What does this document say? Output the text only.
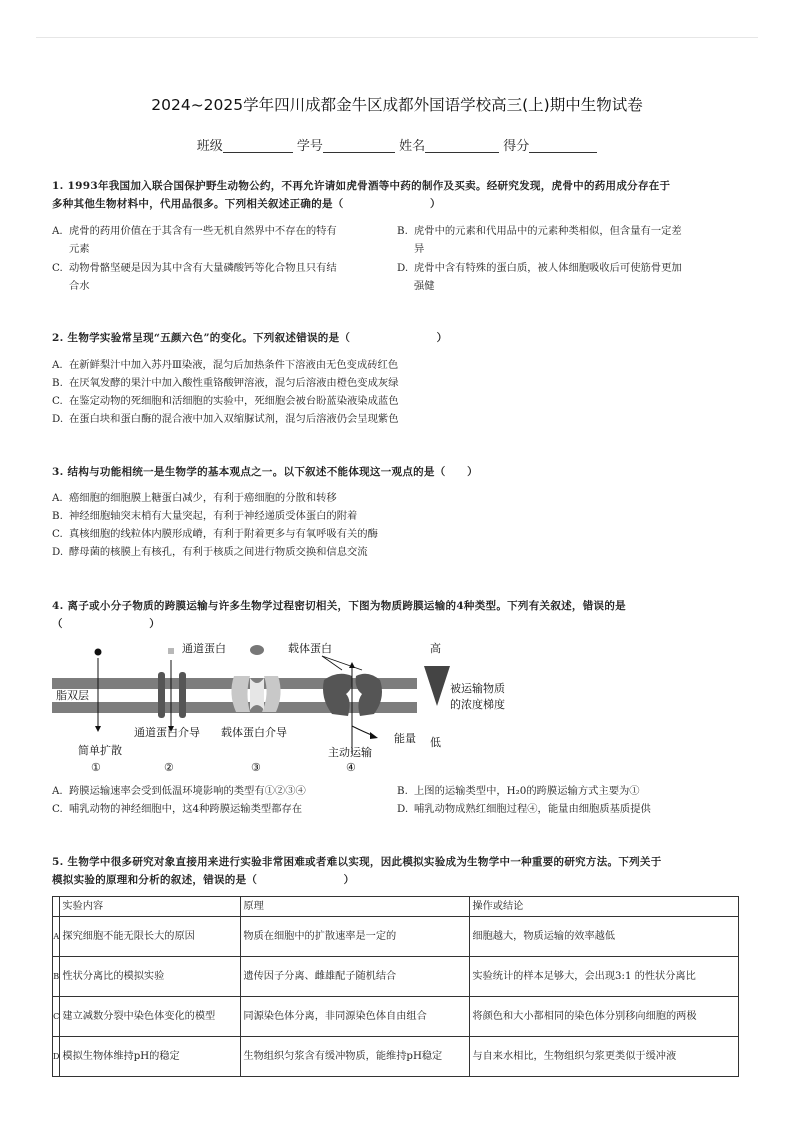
2024~2025学年四川成都金牛区成都外国语学校高三(上)期中生物试卷
班级	学号	姓名	得分
1. 1993年我国加入联合国保护野生动物公约，不再允许请如虎骨酒等中药的制作及买卖。经研究发现，虎骨中的药用成分存在于
多种其他生物材料中，代用品很多。下列相关叙述正确的是（　　　　　　　　）
A. 虎骨的药用价值在于其含有一些无机自然界中不存在的特有
元素
B. 虎骨中的元素和代用品中的元素种类相似，但含量有一定差
异
C. 动物骨骼坚硬是因为其中含有大量磷酸钙等化合物且只有结
合水
D. 虎骨中含有特殊的蛋白质，被人体细胞吸收后可使筋骨更加
强健
2. 生物学实验常呈现“五颜六色”的变化。下列叙述错误的是（　　　　　　　　）
A. 在新鲜梨汁中加入苏丹Ⅲ染液，混匀后加热条件下溶液由无色变成砖红色
B. 在厌氧发酵的果汁中加入酸性重铬酸钾溶液，混匀后溶液由橙色变成灰绿
C. 在鉴定动物的死细胞和活细胞的实验中，死细胞会被台盼蓝染液染成蓝色
D. 在蛋白块和蛋白酶的混合液中加入双缩脲试剂，混匀后溶液仍会呈现紫色
3. 结构与功能相统一是生物学的基本观点之一。以下叙述不能体现这一观点的是（　　）
A. 癌细胞的细胞膜上糖蛋白减少，有利于癌细胞的分散和转移
B. 神经细胞轴突末梢有大量突起，有利于神经递质受体蛋白的附着
C. 真核细胞的线粒体内膜形成嵴，有利于附着更多与有氧呼吸有关的酶
D. 酵母菌的核膜上有核孔，有利于核质之间进行物质交换和信息交流
4. 离子或小分子物质的跨膜运输与许多生物学过程密切相关，下图为物质跨膜运输的4种类型。下列有关叙述，错误的是
（　　　　　　　　）
脂双层
简单扩散
①
通道蛋白
通道蛋白介导
②
载体蛋白介导
③
载体蛋白
能量
主动运输
④
高
被运输物质
的浓度梯度
低
A. 跨膜运输速率会受到低温环境影响的类型有①②③④	B. 上图的运输类型中，H₂0的跨膜运输方式主要为①
C. 哺乳动物的神经细胞中，这4种跨膜运输类型都存在	D. 哺乳动物成熟红细胞过程④，能量由细胞质基质提供
5. 生物学中很多研究对象直接用来进行实验非常困难或者难以实现，因此模拟实验成为生物学中一种重要的研究方法。下列关于
模拟实验的原理和分析的叙述，错误的是（　　　　　　　　）
	实验内容	原理	操作或结论
A	探究细胞不能无限长大的原因	物质在细胞中的扩散速率是一定的	细胞越大，物质运输的效率越低
B	性状分离比的模拟实验	遗传因子分离、雌雄配子随机结合	实验统计的样本足够大，会出现3:1 的性状分离比
C	建立减数分裂中染色体变化的模型	同源染色体分离，非同源染色体自由组合	将颜色和大小都相同的染色体分别移向细胞的两极
D	模拟生物体维持pH的稳定	生物组织匀浆含有缓冲物质，能维持pH稳定	与自来水相比，生物组织匀浆更类似于缓冲液
